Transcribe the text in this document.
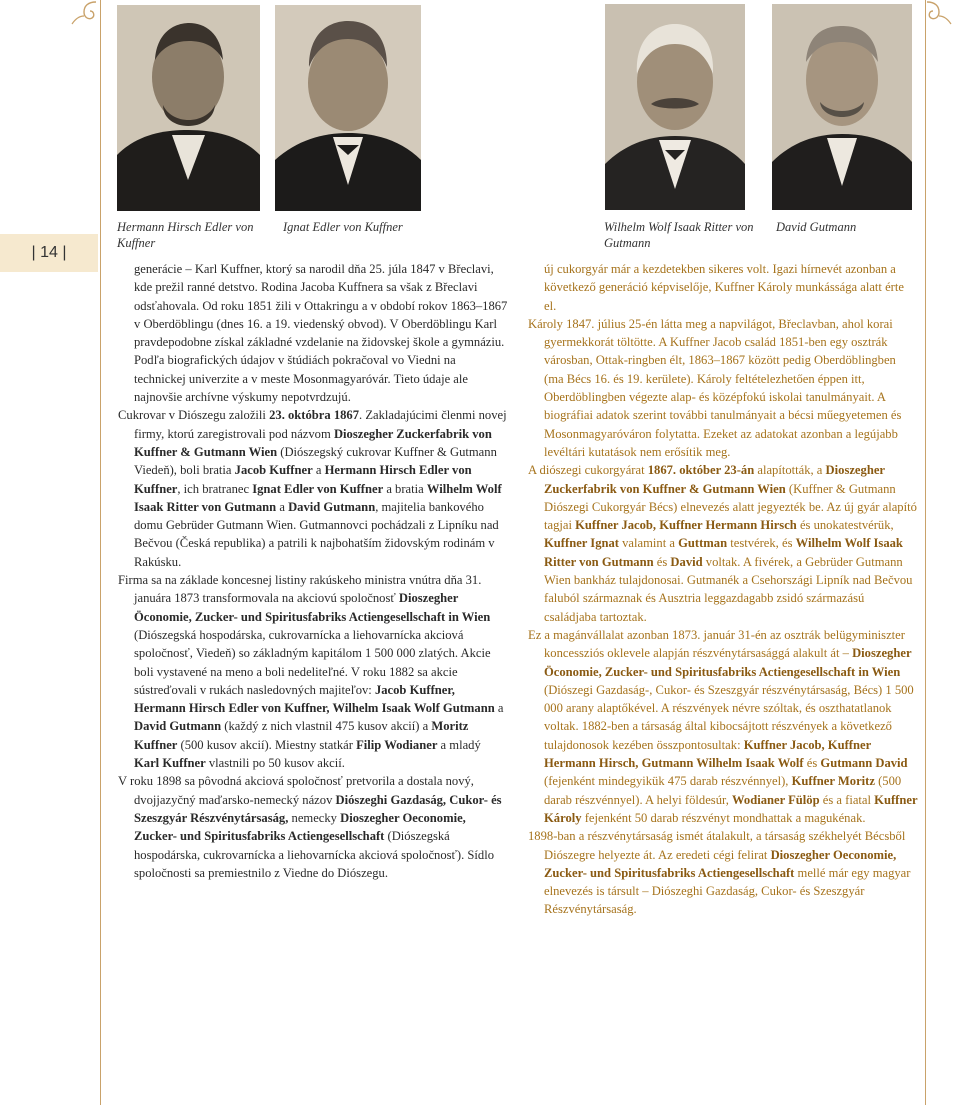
| 14 |
Hermann Hirsch Edler von Kuffner
Ignat Edler von Kuffner	Wilhelm Wolf Isaak Ritter von Gutmann
David Gutmann

generácie – Karl Kuffner, ktorý sa narodil dňa 25. júla 1847 v Břeclavi, kde prežil ranné detstvo. Rodina Jacoba Kuffnera sa však z Břeclavi odsťahovala. Od roku 1851 žili v Ottakringu a v období rokov 1863–1867 v Oberdöblingu (dnes 16. a 19. viedenský obvod). V Oberdöblingu Karl pravdepodobne získal základné vzdelanie na židovskej škole a gymnáziu. Podľa biografických údajov v štúdiách pokračoval vo Viedni na technickej univerzite a v meste Mosonmagyaróvár. Tieto údaje ale najnovšie archívne výskumy nepotvrdzujú.

Cukrovar v Diószegu založili 23. októbra 1867. Zakladajúcimi členmi novej firmy, ktorú zaregistrovali pod názvom Dioszegher Zuckerfabrik von Kuffner & Gutmann Wien (Diószegský cukrovar Kuffner & Gutmann Viedeň), boli bratia Jacob Kuffner a Hermann Hirsch Edler von Kuffner, ich bratranec Ignat Edler von Kuffner a bratia Wilhelm Wolf Isaak Ritter von Gutmann a David Gutmann, majitelia bankového domu Gebrüder Gutmann Wien. Gutmannovci pochádzali z Lipníku nad Bečvou (Česká republika) a patrili k najbohatším židovským rodinám v Rakúsku.

Firma sa na základe koncesnej listiny rakúskeho ministra vnútra dňa 31. januára 1873 transformovala na akciovú spoločnosť Dioszegher Öconomie, Zucker- und Spiritusfabriks Actiengesellschaft in Wien (Diószegská hospodárska, cukrovarnícka a liehovarnícka akciová spoločnosť, Viedeň) so základným kapitálom 1 500 000 zlatých. Akcie boli vystavené na meno a boli nedeliteľné. V roku 1882 sa akcie sústreďovali v rukách nasledovných majiteľov: Jacob Kuffner, Hermann Hirsch Edler von Kuffner, Wilhelm Isaak Wolf Gutmann a David Gutmann (každý z nich vlastnil 475 kusov akcií) a Moritz Kuffner (500 kusov akcií). Miestny statkár Filip Wodianer a mladý Karl Kuffner vlastnili po 50 kusov akcií.

V roku 1898 sa pôvodná akciová spoločnosť pretvorila a dostala nový, dvojjazyčný maďarsko-nemecký názov Diószeghi Gazdaság, Cukor- és Szeszgyár Részvénytársaság, nemecky Dioszegher Oeconomie, Zucker- und Spiritusfabriks Actiengesellschaft (Diószegská hospodárska, cukrovarnícka a liehovarnícka akciová spoločnosť). Sídlo spoločnosti sa premiestnilo z Viedne do Diószegu.

új cukorgyár már a kezdetekben sikeres volt. Igazi hírnevét azonban a következő generáció képviselője, Kuffner Károly munkássága alatt érte el.

Károly 1847. július 25-én látta meg a napvilágot, Břeclavban, ahol korai gyermekkorát töltötte. A Kuffner Jacob család 1851-ben egy osztrák városban, Ottak-ringben élt, 1863–1867 között pedig Oberdöblingben (ma Bécs 16. és 19. kerülete). Károly feltételezhetően éppen itt, Oberdöblingben végezte alap- és középfokú iskolai tanulmányait. A biográfiai adatok szerint további tanulmányait a bécsi műegyetemen és Mosonmagyaróváron folytatta. Ezeket az adatokat azonban a legújabb levéltári kutatások nem erősítik meg.

A diószegi cukorgyárat 1867. október 23-án alapították, a Dioszegher Zuckerfabrik von Kuffner & Gutmann Wien (Kuffner & Gutmann Diószegi Cukorgyár Bécs) elnevezés alatt jegyezték be. Az új gyár alapító tagjai Kuffner Jacob, Kuffner Hermann Hirsch és unokatestvérük, Kuffner Ignat valamint a Guttman testvérek, és Wilhelm Wolf Isaak Ritter von Gutmann és David voltak. A fivérek, a Gebrüder Gutmann Wien bankház tulajdonosai. Gutmanék a Csehországi Lipník nad Bečvou faluból származnak és Ausztria leggazdagabb zsidó származású családjaba tartoztak.

Ez a magánvállalat azonban 1873. január 31-én az osztrák belügyminiszter koncessziós oklevele alapján részvénytársasággá alakult át – Dioszegher Öconomie, Zucker- und Spiritusfabriks Actiengesellschaft in Wien (Diószegi Gazdaság-, Cukor- és Szeszgyár részvénytársaság, Bécs) 1 500 000 arany alaptőkével. A részvények névre szóltak, és oszthatatlanok voltak. 1882-ben a társaság által kibocsájtott részvények a következő tulajdonosok kezében összpontosultak: Kuffner Jacob, Kuffner Hermann Hirsch, Gutmann Wilhelm Isaak Wolf és Gutmann David (fejenként mindegyikük 475 darab részvénnyel), Kuffner Moritz (500 darab részvénnyel). A helyi földesúr, Wodianer Fülöp és a fiatal Kuffner Károly fejenként 50 darab részvényt mondhattak a magukénak.

1898-ban a részvénytársaság ismét átalakult, a társaság székhelyét Bécsből Diószegre helyezte át. Az eredeti cégi felirat Dioszegher Oeconomie, Zucker- und Spiritusfabriks Actiengesellschaft mellé már egy magyar elnevezés is társult – Diószeghi Gazdaság, Cukor- és Szeszgyár Részvénytársaság.
